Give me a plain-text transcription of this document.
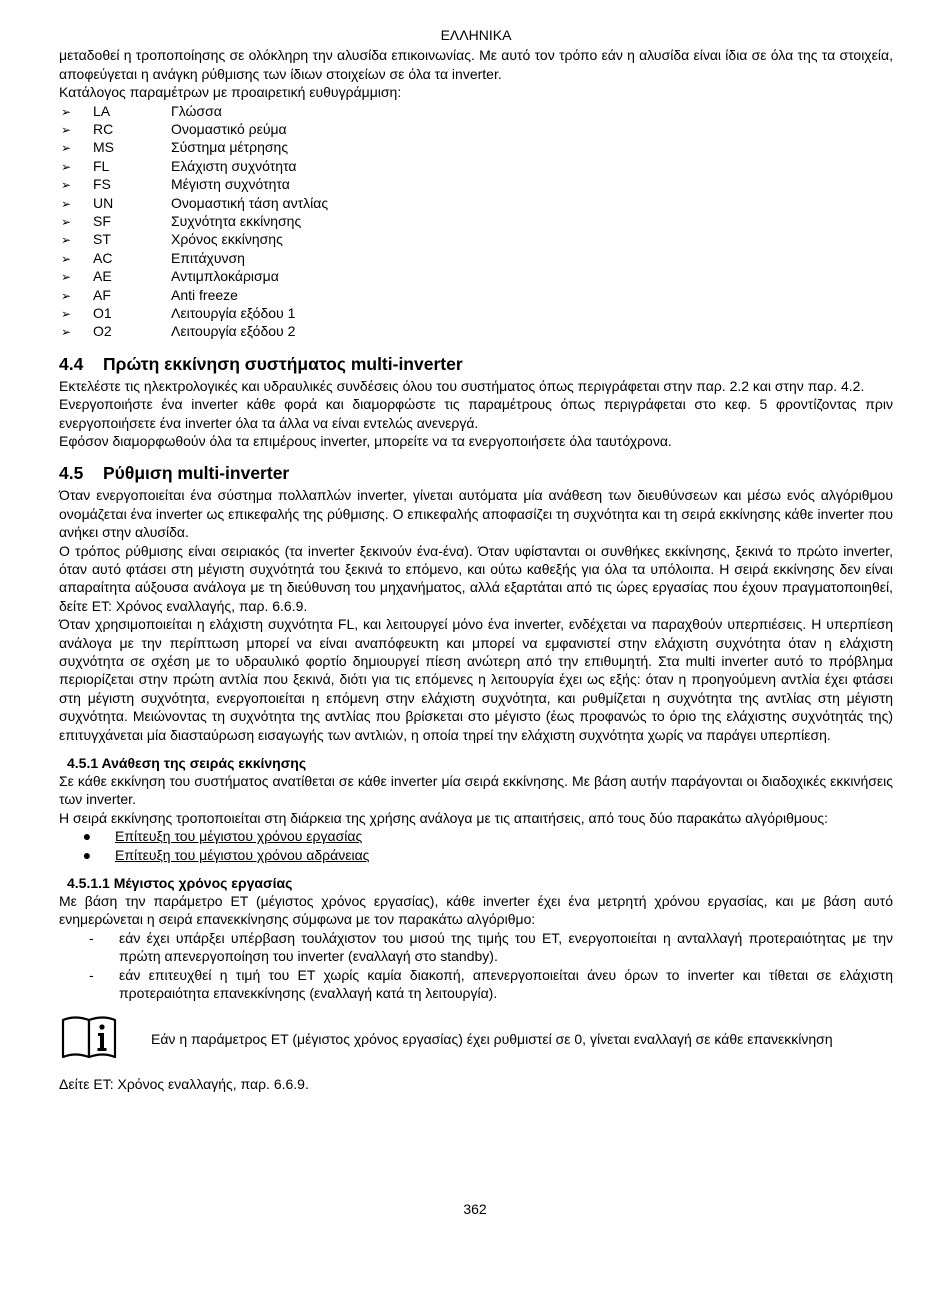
ΕΛΛΗΝΙΚΑ

μεταδοθεί η τροποποίησης σε ολόκληρη την αλυσίδα επικοινωνίας. Με αυτό τον τρόπο εάν η αλυσίδα είναι ίδια σε όλα της τα στοιχεία, αποφεύγεται η ανάγκη ρύθμισης των ίδιων στοιχείων σε όλα τα inverter.

Κατάλογος παραμέτρων με προαιρετική ευθυγράμμιση:

➢	LA	Γλώσσα
➢	RC	Ονομαστικό ρεύμα
➢	MS	Σύστημα μέτρησης
➢	FL	Ελάχιστη συχνότητα
➢	FS	Μέγιστη συχνότητα
➢	UN	Ονομαστική τάση αντλίας
➢	SF	Συχνότητα εκκίνησης
➢	ST	Χρόνος εκκίνησης
➢	AC	Επιτάχυνση
➢	AE	Αντιμπλοκάρισμα
➢	AF	Anti freeze
➢	O1	Λειτουργία εξόδου 1
➢	O2	Λειτουργία εξόδου 2
4.4 Πρώτη εκκίνηση συστήματος multi-inverter

Εκτελέστε τις ηλεκτρολογικές και υδραυλικές συνδέσεις όλου του συστήματος όπως περιγράφεται στην παρ. 2.2 και στην παρ. 4.2.

Ενεργοποιήστε ένα inverter κάθε φορά και διαμορφώστε τις παραμέτρους όπως περιγράφεται στο κεφ. 5 φροντίζοντας πριν ενεργοποιήσετε ένα inverter όλα τα άλλα να είναι εντελώς ανενεργά.

Εφόσον διαμορφωθούν όλα τα επιμέρους inverter, μπορείτε να τα ενεργοποιήσετε όλα ταυτόχρονα.

4.5 Ρύθμιση multi-inverter

Όταν ενεργοποιείται ένα σύστημα πολλαπλών inverter, γίνεται αυτόματα μία ανάθεση των διευθύνσεων και μέσω ενός αλγόριθμου ονομάζεται ένα inverter ως επικεφαλής της ρύθμισης. Ο επικεφαλής αποφασίζει τη συχνότητα και τη σειρά εκκίνησης κάθε inverter που ανήκει στην αλυσίδα.

Ο τρόπος ρύθμισης είναι σειριακός (τα inverter ξεκινούν ένα-ένα). Όταν υφίστανται οι συνθήκες εκκίνησης, ξεκινά το πρώτο inverter, όταν αυτό φτάσει στη μέγιστη συχνότητά του ξεκινά το επόμενο, και ούτω καθεξής για όλα τα υπόλοιπα. Η σειρά εκκίνησης δεν είναι απαραίτητα αύξουσα ανάλογα με τη διεύθυνση του μηχανήματος, αλλά εξαρτάται από τις ώρες εργασίας που έχουν πραγματοποιηθεί, δείτε ET: Χρόνος εναλλαγής, παρ. 6.6.9.

Όταν χρησιμοποιείται η ελάχιστη συχνότητα FL, και λειτουργεί μόνο ένα inverter, ενδέχεται να παραχθούν υπερπιέσεις. Η υπερπίεση ανάλογα με την περίπτωση μπορεί να είναι αναπόφευκτη και μπορεί να εμφανιστεί στην ελάχιστη συχνότητα όταν η ελάχιστη συχνότητα σε σχέση με το υδραυλικό φορτίο δημιουργεί πίεση ανώτερη από την επιθυμητή. Στα multi inverter αυτό το πρόβλημα περιορίζεται στην πρώτη αντλία που ξεκινά, διότι για τις επόμενες η λειτουργία έχει ως εξής: όταν η προηγούμενη αντλία έχει φτάσει στη μέγιστη συχνότητα, ενεργοποιείται η επόμενη στην ελάχιστη συχνότητα, και ρυθμίζεται η συχνότητα της αντλίας στη μέγιστη συχνότητα. Μειώνοντας τη συχνότητα της αντλίας που βρίσκεται στο μέγιστο (έως προφανώς το όριο της ελάχιστης συχνότητάς της) επιτυγχάνεται μία διασταύρωση εισαγωγής των αντλιών, η οποία τηρεί την ελάχιστη συχνότητα χωρίς να παράγει υπερπίεση.

4.5.1 Ανάθεση της σειράς εκκίνησης

Σε κάθε εκκίνηση του συστήματος ανατίθεται σε κάθε inverter μία σειρά εκκίνησης. Με βάση αυτήν παράγονται οι διαδοχικές εκκινήσεις των inverter.

Η σειρά εκκίνησης τροποποιείται στη διάρκεια της χρήσης ανάλογα με τις απαιτήσεις, από τους δύο παρακάτω αλγόριθμους:

●	Επίτευξη του μέγιστου χρόνου εργασίας
●	Επίτευξη του μέγιστου χρόνου αδράνειας
4.5.1.1 Μέγιστος χρόνος εργασίας

Με βάση την παράμετρο ET (μέγιστος χρόνος εργασίας), κάθε inverter έχει ένα μετρητή χρόνου εργασίας, και με βάση αυτό ενημερώνεται η σειρά επανεκκίνησης σύμφωνα με τον παρακάτω αλγόριθμο:

-	εάν έχει υπάρξει υπέρβαση τουλάχιστον του μισού της τιμής του ET, ενεργοποιείται η ανταλλαγή προτεραιότητας με την πρώτη απενεργοποίηση του inverter (εναλλαγή στο standby).
-	εάν επιτευχθεί η τιμή του ET χωρίς καμία διακοπή, απενεργοποιείται άνευ όρων το inverter και τίθεται σε ελάχιστη προτεραιότητα επανεκκίνησης (εναλλαγή κατά τη λειτουργία).
Εάν η παράμετρος ET (μέγιστος χρόνος εργασίας) έχει ρυθμιστεί σε 0, γίνεται εναλλαγή σε κάθε επανεκκίνηση

Δείτε ET: Χρόνος εναλλαγής, παρ. 6.6.9.

362
